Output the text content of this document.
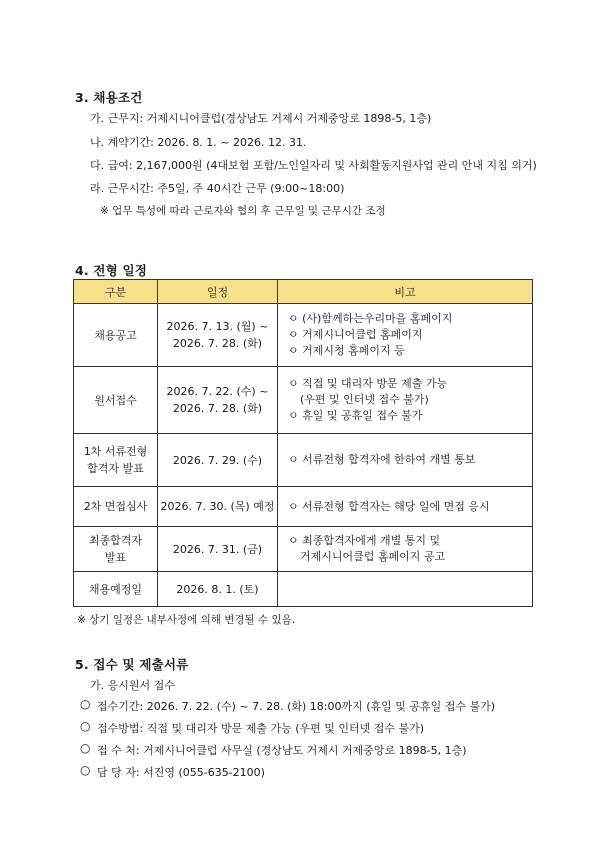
3. 채용조건
가. 근무지: 거제시니어클럽(경상남도 거제시 거제중앙로 1898-5, 1층)
나. 계약기간: 2026. 8. 1. ~ 2026. 12. 31.
다. 급여: 2,167,000원 (4대보험 포함/노인일자리 및 사회활동지원사업 관리 안내 지침 의거)
라. 근무시간: 주5일, 주 40시간 근무 (9:00~18:00)
※ 업무 특성에 따라 근로자와 협의 후 근무일 및 근무시간 조정
4. 전형 일정
구분	일정	비고

채용공고	2026. 7. 13. (월) ~
2026. 7. 28. (화)	ㅇ (사)함께하는우리마을 홈페이지
ㅇ 거제시니어클럽 홈페이지
ㅇ 거제시청 홈페이지 등

원서접수	2026. 7. 22. (수) ~
2026. 7. 28. (화)	ㅇ 직접 및 대리자 방문 제출 가능
(우편 및 인터넷 접수 불가)
ㅇ 휴일 및 공휴일 접수 불가

1차 서류전형
합격자 발표	2026. 7. 29. (수)	ㅇ 서류전형 합격자에 한하여 개별 통보

2차 면접심사	2026. 7. 30. (목) 예정	ㅇ 서류전형 합격자는 해당 일에 면접 응시

최종합격자
발표	2026. 7. 31. (금)	ㅇ 최종합격자에게 개별 통지 및
거제시니어클럽 홈페이지 공고

채용예정일	2026. 8. 1. (토)	

※ 상기 일정은 내부사정에 의해 변경될 수 있음.
5. 접수 및 제출서류
가. 응시원서 접수
○ 접수기간: 2026. 7. 22. (수) ~ 7. 28. (화) 18:00까지 (휴일 및 공휴일 접수 불가)
○ 접수방법: 직접 및 대리자 방문 제출 가능 (우편 및 인터넷 접수 불가)
○ 접 수 처: 거제시니어클럽 사무실 (경상남도 거제시 거제중앙로 1898-5, 1층)
○ 담 당 자: 서진영 (055-635-2100)
